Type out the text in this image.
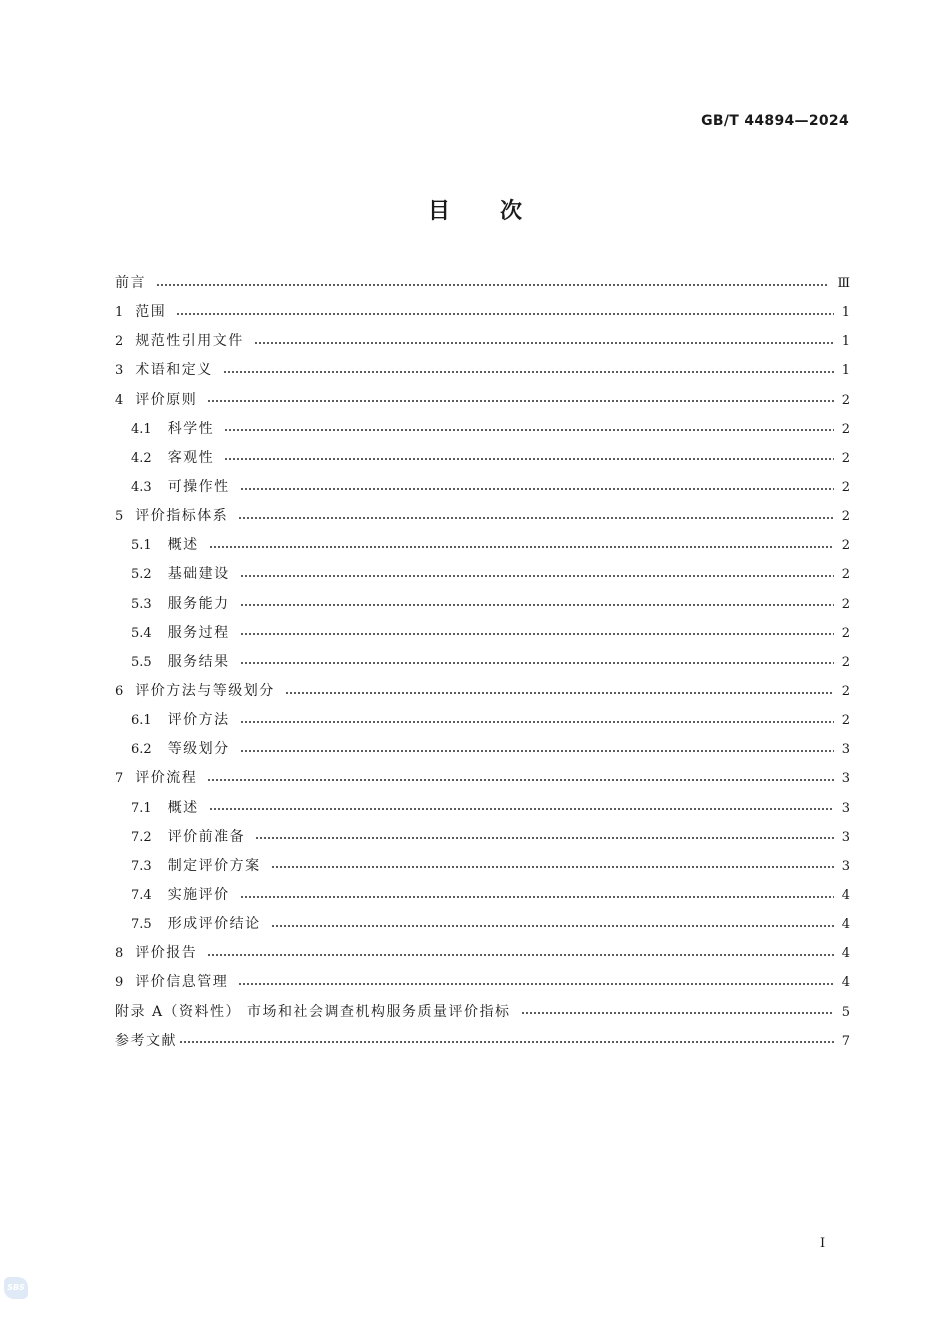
GB/T 44894—2024
目次
前言	Ⅲ
1 范围	1
2 规范性引用文件	1
3 术语和定义	1
4 评价原则	2
4.1 科学性	2
4.2 客观性	2
4.3 可操作性	2
5 评价指标体系	2
5.1 概述	2
5.2 基础建设	2
5.3 服务能力	2
5.4 服务过程	2
5.5 服务结果	2
6 评价方法与等级划分	2
6.1 评价方法	2
6.2 等级划分	3
7 评价流程	3
7.1 概述	3
7.2 评价前准备	3
7.3 制定评价方案	3
7.4 实施评价	4
7.5 形成评价结论	4
8 评价报告	4
9 评价信息管理	4
附录 A（资料性） 市场和社会调查机构服务质量评价指标	5
参考文献	7
I
SBS
